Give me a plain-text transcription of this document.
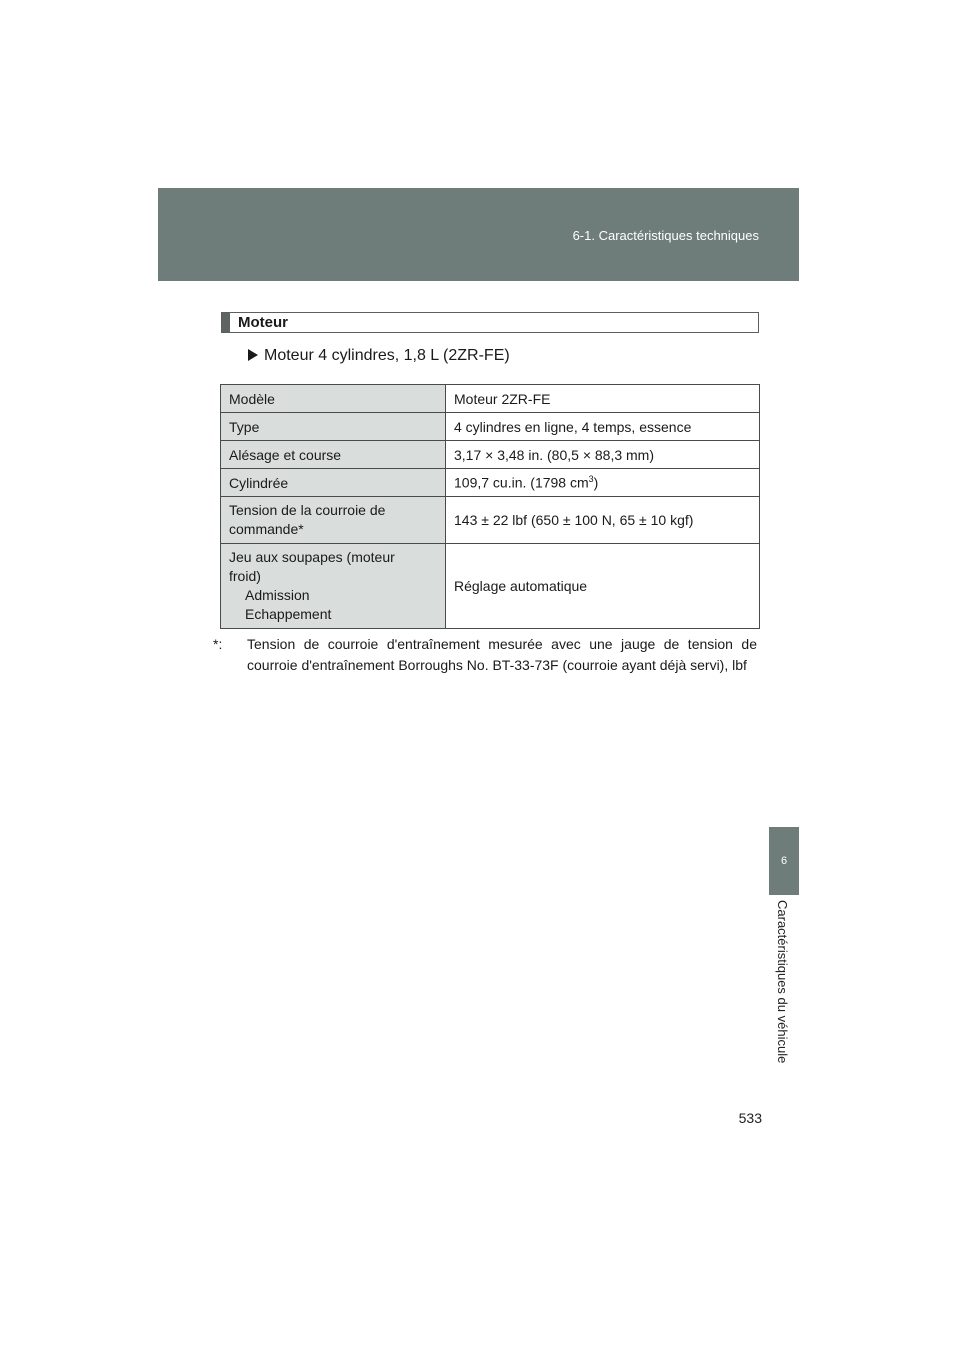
6-1. Caractéristiques techniques
6
Caractéristiques du véhicule
533
Moteur
Moteur 4 cylindres, 1,8 L (2ZR-FE)
Modèle	Moteur 2ZR-FE
Type	4 cylindres en ligne, 4 temps, essence
Alésage et course	3,17 × 3,48 in. (80,5 × 88,3 mm)
Cylindrée	109,7 cu.in. (1798 $cm^3$)

Tension de la courroie de
commande*	143 ± 22 lbf (650 ± 100 N, 65 ± 10 kgf)

Jeu aux soupapes (moteur
froid)
Admission
Echappement	Réglage automatique
*: Tension de courroie d'entraînement mesurée avec une jauge de tension de courroie d'entraînement Borroughs No. BT-33-73F (courroie ayant déjà servi), lbf
